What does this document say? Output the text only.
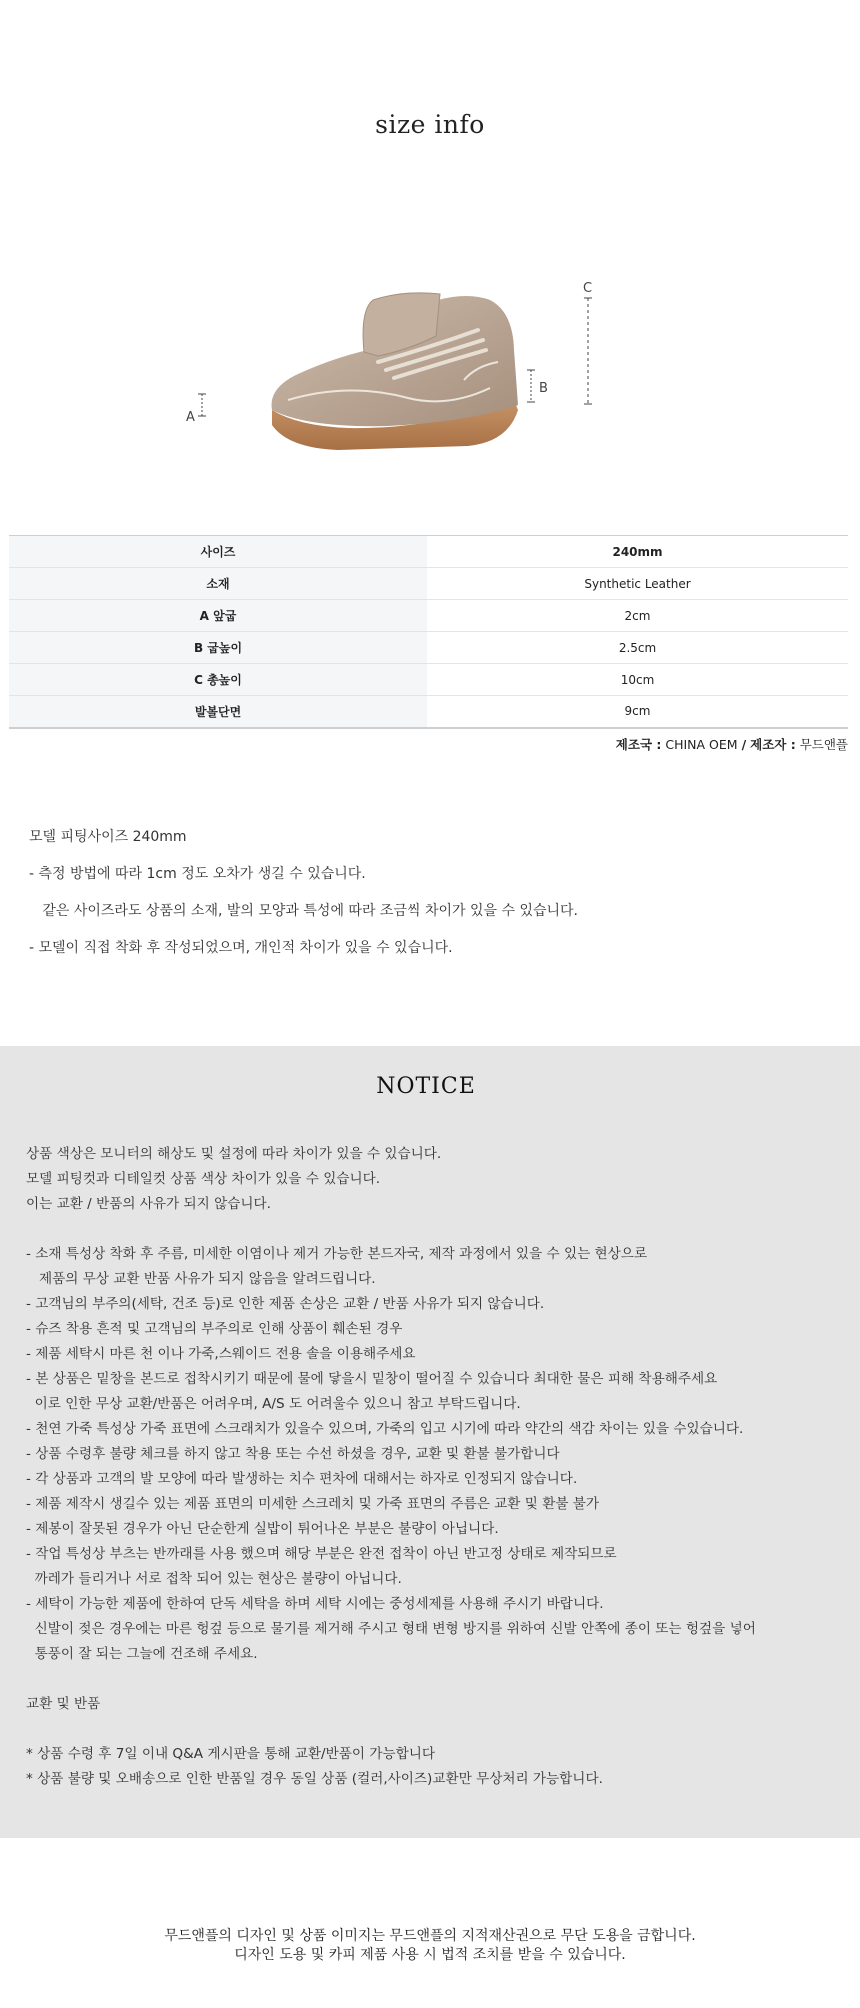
size info
A
B
C
사이즈	240mm
소재	Synthetic Leather
A 앞굽	2cm
B 굽높이	2.5cm
C 총높이	10cm
발볼단면	9cm
제조국 : CHINA OEM / 제조자 : 무드앤플

모델 피팅사이즈 240mm

- 측정 방법에 따라 1cm 정도 오차가 생길 수 있습니다.

같은 사이즈라도 상품의 소재, 발의 모양과 특성에 따라 조금씩 차이가 있을 수 있습니다.

- 모델이 직접 착화 후 작성되었으며, 개인적 차이가 있을 수 있습니다.

NOTICE

상품 색상은 모니터의 해상도 및 설정에 따라 차이가 있을 수 있습니다.

모델 피팅컷과 디테일컷 상품 색상 차이가 있을 수 있습니다.

이는 교환 / 반품의 사유가 되지 않습니다.

- 소재 특성상 착화 후 주름, 미세한 이염이나 제거 가능한 본드자국, 제작 과정에서 있을 수 있는 현상으로

제품의 무상 교환 반품 사유가 되지 않음을 알려드립니다.

- 고객님의 부주의(세탁, 건조 등)로 인한 제품 손상은 교환 / 반품 사유가 되지 않습니다.

- 슈즈 착용 흔적 및 고객님의 부주의로 인해 상품이 훼손된 경우

- 제품 세탁시 마른 천 이나 가죽,스웨이드 전용 솔을 이용해주세요

- 본 상품은 밑창을 본드로 접착시키기 때문에 물에 닿을시 밑창이 떨어질 수 있습니다 최대한 물은 피해 착용해주세요

이로 인한 무상 교환/반품은 어려우며, A/S 도 어려울수 있으니 참고 부탁드립니다.

- 천연 가죽 특성상 가죽 표면에 스크래치가 있을수 있으며, 가죽의 입고 시기에 따라 약간의 색감 차이는 있을 수있습니다.

- 상품 수령후 불량 체크를 하지 않고 착용 또는 수선 하셨을 경우, 교환 및 환불 불가합니다

- 각 상품과 고객의 발 모양에 따라 발생하는 치수 편차에 대해서는 하자로 인정되지 않습니다.

- 제품 제작시 생길수 있는 제품 표면의 미세한 스크레치 및 가죽 표면의 주름은 교환 및 환불 불가

- 제봉이 잘못된 경우가 아닌 단순한게 실밥이 튀어나온 부분은 불량이 아닙니다.

- 작업 특성상 부츠는 반까래를 사용 했으며 해당 부분은 완전 접착이 아닌 반고정 상태로 제작되므로

까레가 들리거나 서로 접착 되어 있는 현상은 불량이 아닙니다.

- 세탁이 가능한 제품에 한하여 단독 세탁을 하며 세탁 시에는 중성세제를 사용해 주시기 바랍니다.

신발이 젖은 경우에는 마른 헝겊 등으로 물기를 제거해 주시고 형태 변형 방지를 위하여 신발 안쪽에 종이 또는 헝겊을 넣어

통풍이 잘 되는 그늘에 건조해 주세요.

교환 및 반품

* 상품 수령 후 7일 이내 Q&A 게시판을 통해 교환/반품이 가능합니다

* 상품 불량 및 오배송으로 인한 반품일 경우 동일 상품 (컬러,사이즈)교환만 무상처리 가능합니다.

무드앤플의 디자인 및 상품 이미지는 무드앤플의 지적재산권으로 무단 도용을 금합니다.
디자인 도용 및 카피 제품 사용 시 법적 조치를 받을 수 있습니다.
